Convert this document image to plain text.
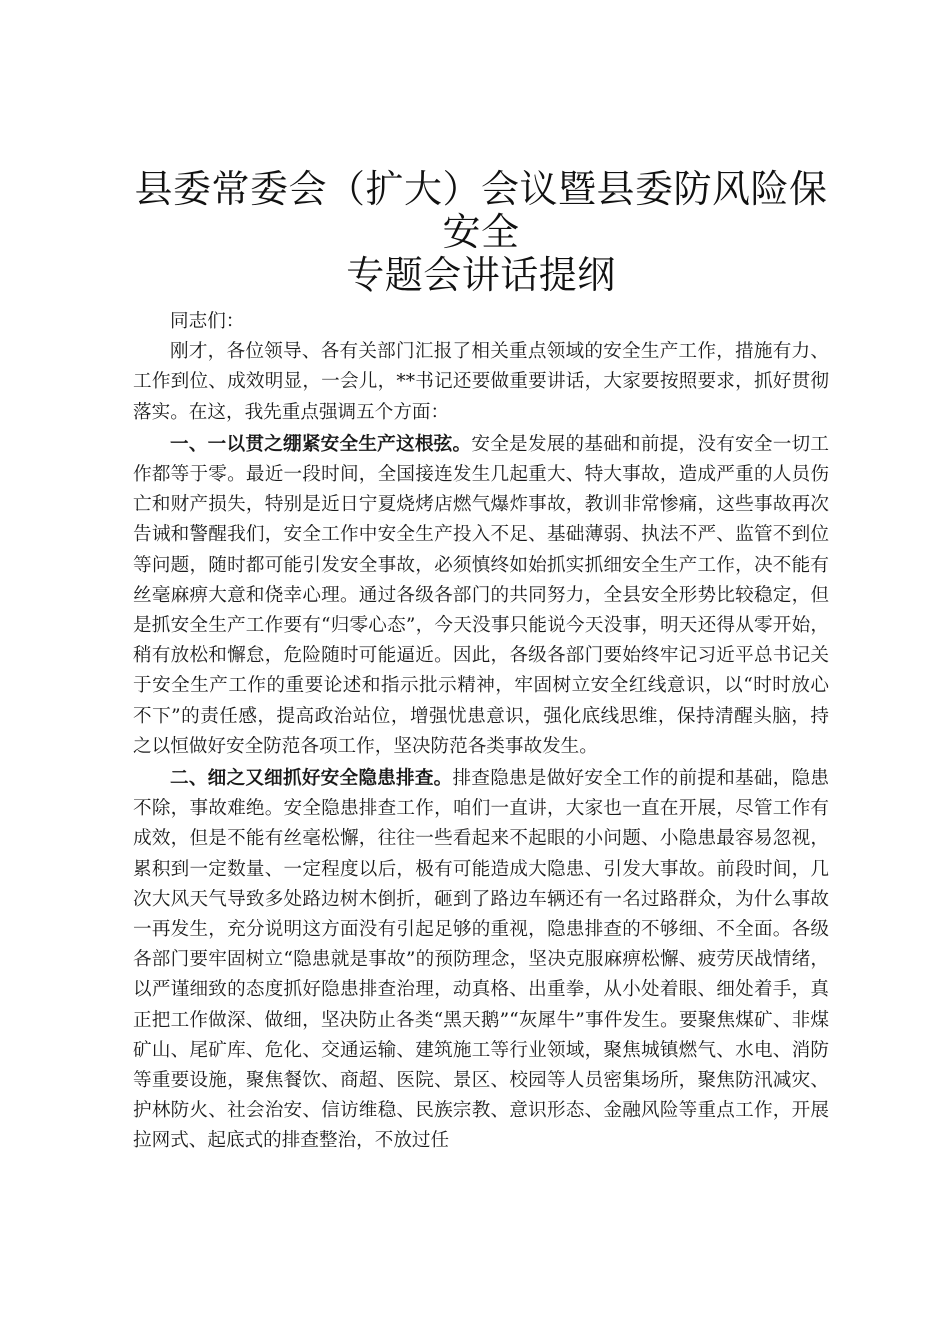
县委常委会（扩大）会议暨县委防风险保安全
专题会讲话提纲

同志们：

刚才，各位领导、各有关部门汇报了相关重点领域的安全生产工作，措施有力、工作到位、成效明显，一会儿，**书记还要做重要讲话，大家要按照要求，抓好贯彻落实。在这，我先重点强调五个方面：

一、一以贯之绷紧安全生产这根弦。安全是发展的基础和前提，没有安全一切工作都等于零。最近一段时间，全国接连发生几起重大、特大事故，造成严重的人员伤亡和财产损失，特别是近日宁夏烧烤店燃气爆炸事故，教训非常惨痛，这些事故再次告诫和警醒我们，安全工作中安全生产投入不足、基础薄弱、执法不严、监管不到位等问题，随时都可能引发安全事故，必须慎终如始抓实抓细安全生产工作，决不能有丝毫麻痹大意和侥幸心理。通过各级各部门的共同努力，全县安全形势比较稳定，但是抓安全生产工作要有“归零心态”，今天没事只能说今天没事，明天还得从零开始，稍有放松和懈怠，危险随时可能逼近。因此，各级各部门要始终牢记习近平总书记关于安全生产工作的重要论述和指示批示精神，牢固树立安全红线意识，以“时时放心不下”的责任感，提高政治站位，增强忧患意识，强化底线思维，保持清醒头脑，持之以恒做好安全防范各项工作，坚决防范各类事故发生。

二、细之又细抓好安全隐患排查。排查隐患是做好安全工作的前提和基础，隐患不除，事故难绝。安全隐患排查工作，咱们一直讲，大家也一直在开展，尽管工作有成效，但是不能有丝毫松懈，往往一些看起来不起眼的小问题、小隐患最容易忽视，累积到一定数量、一定程度以后，极有可能造成大隐患、引发大事故。前段时间，几次大风天气导致多处路边树木倒折，砸到了路边车辆还有一名过路群众，为什么事故一再发生，充分说明这方面没有引起足够的重视，隐患排查的不够细、不全面。各级各部门要牢固树立“隐患就是事故”的预防理念，坚决克服麻痹松懈、疲劳厌战情绪，以严谨细致的态度抓好隐患排查治理，动真格、出重拳，从小处着眼、细处着手，真正把工作做深、做细，坚决防止各类“黑天鹅”“灰犀牛”事件发生。要聚焦煤矿、非煤矿山、尾矿库、危化、交通运输、建筑施工等行业领域，聚焦城镇燃气、水电、消防等重要设施，聚焦餐饮、商超、医院、景区、校园等人员密集场所，聚焦防汛减灾、护林防火、社会治安、信访维稳、民族宗教、意识形态、金融风险等重点工作，开展拉网式、起底式的排查整治，不放过任
